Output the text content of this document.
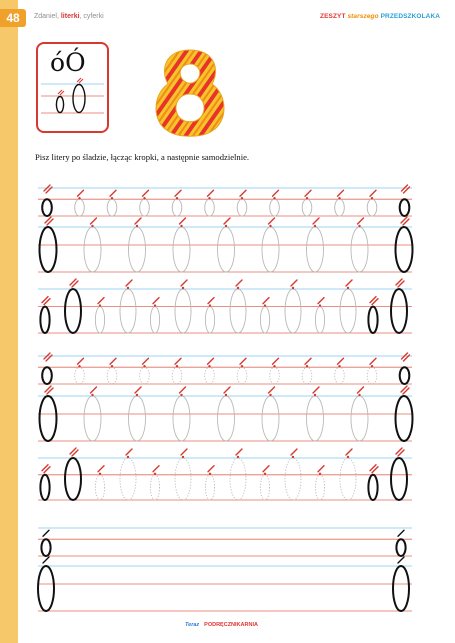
48	Zdaniel, literki, cyferki	ZESZYT starszego PRZEDSZKOLAKA
óÓ
Pisz litery po śladzie, łącząc kropki, a następnie samodzielnie.
Teraz PODRĘCZNIKARNIA
